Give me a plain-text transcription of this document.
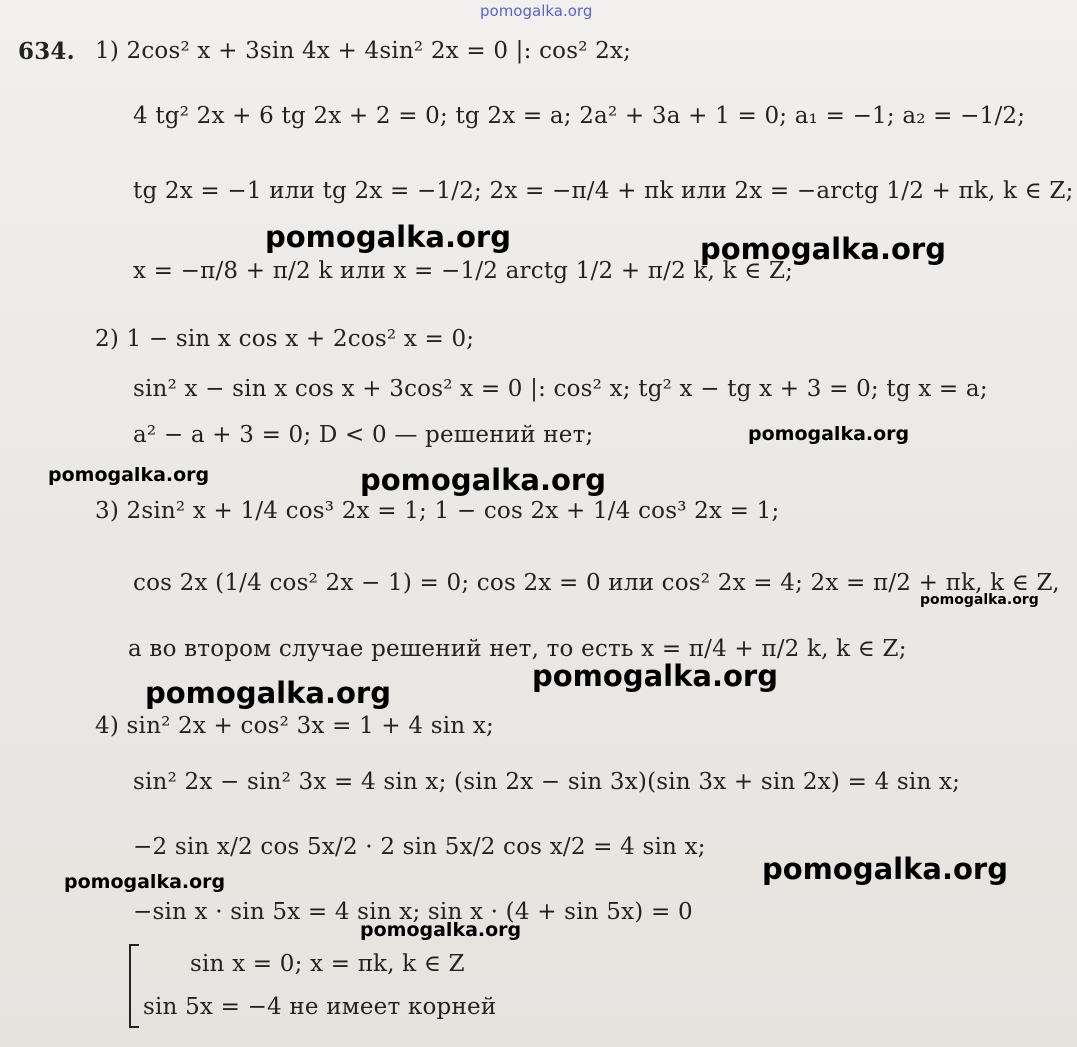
pomogalka.org
634. 1) 2cos² x + 3sin 4x + 4sin² 2x = 0 |: cos² 2x;
4 tg² 2x + 6 tg 2x + 2 = 0; tg 2x = a; 2a² + 3a + 1 = 0; a₁ = −1; a₂ = −1/2;
tg 2x = −1 или tg 2x = −1/2; 2x = −π/4 + πk или 2x = −arctg 1/2 + πk, k ∈ Z;
x = −π/8 + π/2 k или x = −1/2 arctg 1/2 + π/2 k, k ∈ Z;
2) 1 − sin x cos x + 2cos² x = 0;
sin² x − sin x cos x + 3cos² x = 0 |: cos² x; tg² x − tg x + 3 = 0; tg x = a;
a² − a + 3 = 0; D < 0 — решений нет;
3) 2sin² x + 1/4 cos³ 2x = 1; 1 − cos 2x + 1/4 cos³ 2x = 1;
cos 2x (1/4 cos² 2x − 1) = 0; cos 2x = 0 или cos² 2x = 4; 2x = π/2 + πk, k ∈ Z,
а во втором случае решений нет, то есть x = π/4 + π/2 k, k ∈ Z;
4) sin² 2x + cos² 3x = 1 + 4 sin x;
sin² 2x − sin² 3x = 4 sin x; (sin 2x − sin 3x)(sin 3x + sin 2x) = 4 sin x;
−2 sin x/2 cos 5x/2 · 2 sin 5x/2 cos x/2 = 4 sin x;
−sin x · sin 5x = 4 sin x; sin x · (4 + sin 5x) = 0
sin x = 0; x = πk, k ∈ Z
sin 5x = −4 не имеет корней
pomogalka.org	pomogalka.org
pomogalka.org
pomogalka.org	pomogalka.org
pomogalka.org
pomogalka.org
pomogalka.org
pomogalka.org
pomogalka.org
pomogalka.org
